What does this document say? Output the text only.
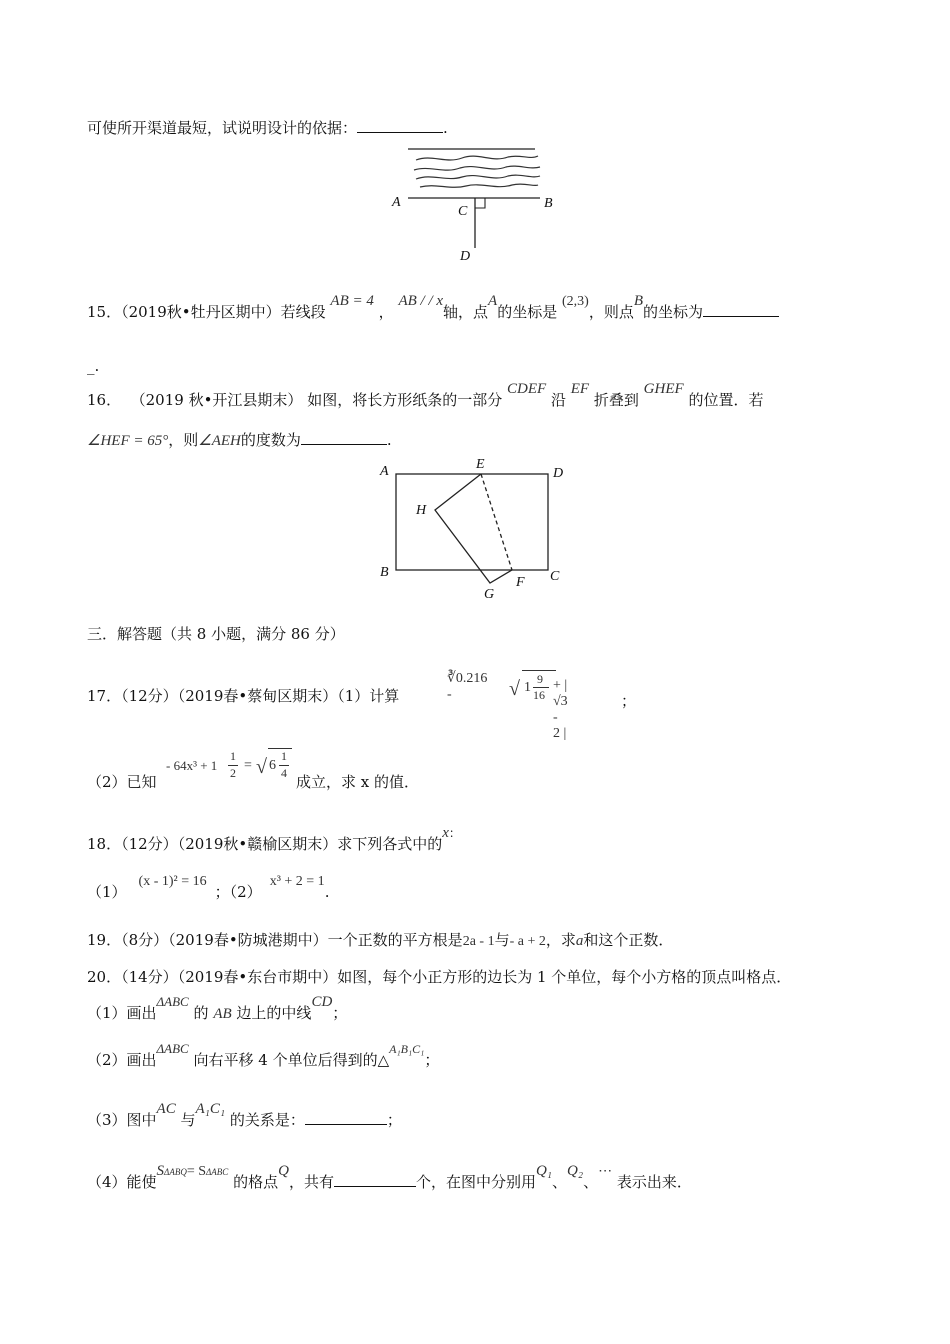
可使所开渠道最短，试说明设计的依据：	.
A	B
C
D
15．（2019秋•牡丹区期中）若线段 AB = 4 ， AB / / x轴，点A的坐标是 (2,3)，则点B的坐标为
_.
16． （2019 秋•开江县期末） 如图，将长方形纸条的一部分 CDEF 沿 EF 折叠到 GHEF 的位置．若
∠HEF = 65°，则∠AEH的度数为	.
A	E
D
H
B
G
F C
三．解答题（共 8 小题，满分 86 分）
17．（12分）（2019春•蔡甸区期末）（1）计算
∛0.216 -	√ 1
9
16
+ | √3 - 2 |
；
（2）已知
- 64x³ + 1
1
2 = √ 6
1
4 成立，求 x 的值．
18．（12分）（2019秋•赣榆区期末）求下列各式中的x：
（1）(x - 1)² = 16；（2）x³ + 2 = 1.
19．（8分）（2019春•防城港期中）一个正数的平方根是2a - 1与- a + 2，求a和这个正数．
20．（14分）（2019春•东台市期中）如图，每个小正方形的边长为 1 个单位，每个小方格的顶点叫格点．
（1）画出ΔABC 的 AB 边上的中线CD；
（2）画出ΔABC 向右平移 4 个单位后得到的△$^{A_1B_1C_1}$；
（3）图中AC 与A₁C₁ 的关系是：	；
（4）能使SΔABQ= SΔABC 的格点Q，共有	个，在图中分别用Q₁、Q₂、⋯ 表示出来．
